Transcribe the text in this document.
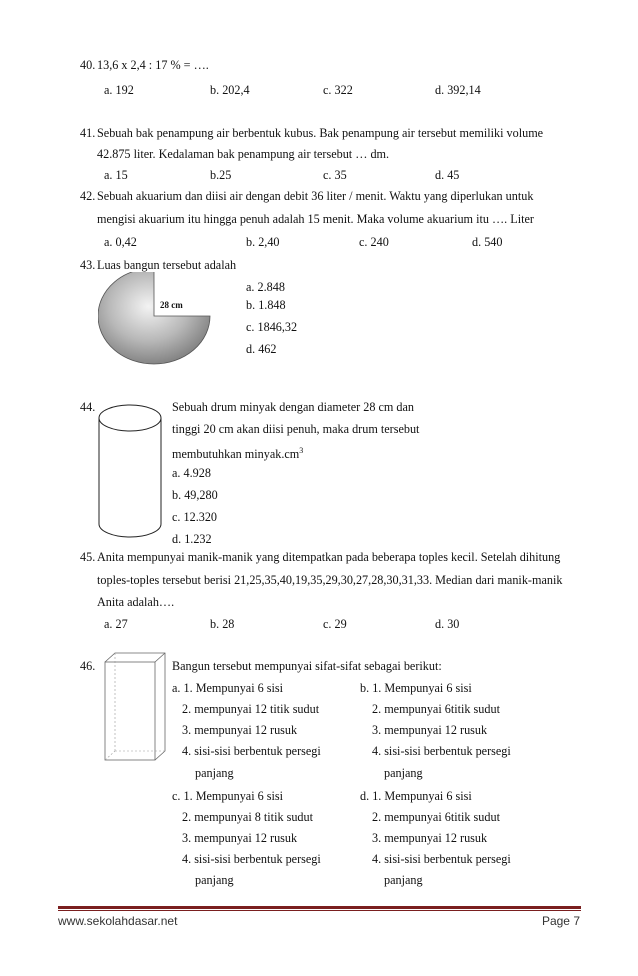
40. 13,6 x 2,4 : 17 % = ….
a. 192	b. 202,4	c. 322	d. 392,14
41. Sebuah bak penampung air berbentuk kubus. Bak penampung air tersebut memiliki volume
42.875 liter. Kedalaman bak penampung air tersebut … dm.
a. 15	b.25	c. 35	d. 45
42. Sebuah akuarium dan diisi air dengan debit 36 liter / menit. Waktu yang diperlukan untuk
mengisi akuarium itu hingga penuh adalah 15 menit. Maka volume akuarium itu …. Liter
a. 0,42	b. 2,40	c. 240	d. 540
43. Luas bangun tersebut adalah
28 cm
a. 2.848
b. 1.848
c. 1846,32
d. 462
44.	Sebuah drum minyak dengan diameter 28 cm dan
tinggi 20 cm akan diisi penuh, maka drum tersebut
membutuhkan $minyak.cm^3$
a. 4.928
b. 49,280
c. 12.320
d. 1.232
45. Anita mempunyai manik-manik yang ditempatkan pada beberapa toples kecil. Setelah dihitung
toples-toples tersebut berisi 21,25,35,40,19,35,29,30,27,28,30,31,33. Median dari manik-manik
Anita adalah….
a. 27	b. 28	c. 29	d. 30
46.	Bangun tersebut mempunyai sifat-sifat sebagai berikut:
a. 1. Mempunyai 6 sisi
2. mempunyai 12 titik sudut
3. mempunyai 12 rusuk
4. sisi-sisi berbentuk persegi
panjang
b. 1. Mempunyai 6 sisi
2. mempunyai 6titik sudut
3. mempunyai 12 rusuk
4. sisi-sisi berbentuk persegi
panjang
c. 1. Mempunyai 6 sisi
2. mempunyai 8 titik sudut
3. mempunyai 12 rusuk
4. sisi-sisi berbentuk persegi
panjang
d. 1. Mempunyai 6 sisi
2. mempunyai 6titik sudut
3. mempunyai 12 rusuk
4. sisi-sisi berbentuk persegi
panjang
www.sekolahdasar.net	Page 7
